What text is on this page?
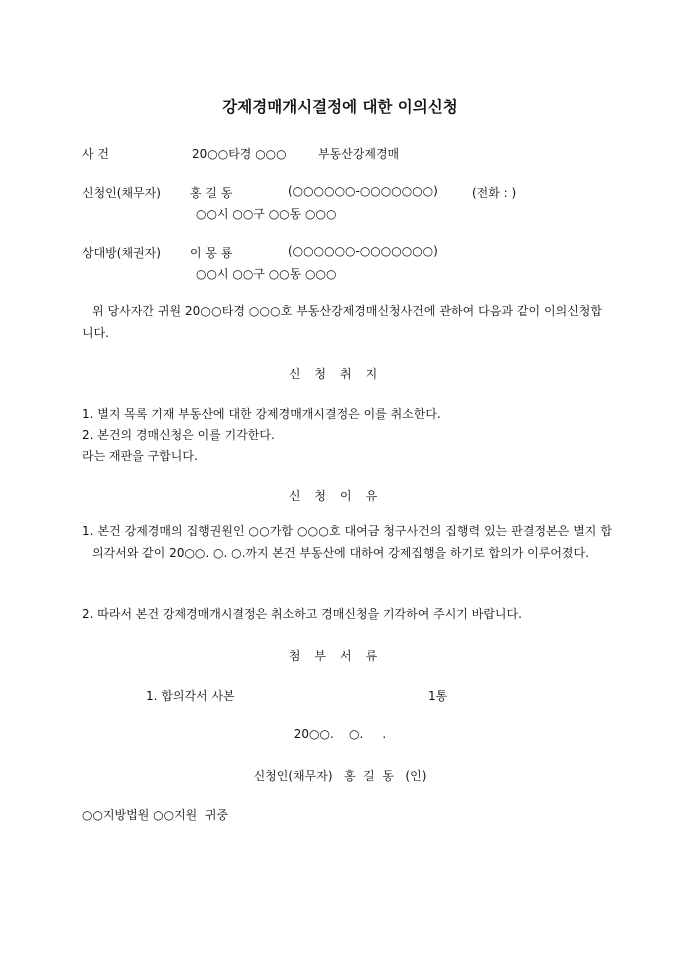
강제경매개시결정에 대한 이의신청
사 건	20○○타경 ○○○	부동산강제경매
신청인(채무자) 홍 길 동	(○○○○○○-○○○○○○○)	(전화 : )
○○시 ○○구 ○○동 ○○○
상대방(채권자) 이 몽 룡	(○○○○○○-○○○○○○○)
○○시 ○○구 ○○동 ○○○
위 당사자간 귀원 20○○타경 ○○○호 부동산강제경매신청사건에 관하여 다음과 같이 이의신청합니다.
신청취지
1. 별지 목록 기재 부동산에 대한 강제경매개시결정은 이를 취소한다.
2. 본건의 경매신청은 이를 기각한다.
라는 재판을 구합니다.
신청이유
1. 본건 강제경매의 집행권원인 ○○가합 ○○○호 대여금 청구사건의 집행력 있는 판결정본은 별지 합의각서와 같이 20○○. ○. ○.까지 본건 부동산에 대하여 강제집행을 하기로 합의가 이루어졌다.
2. 따라서 본건 강제경매개시결정은 취소하고 경매신청을 기각하여 주시기 바랍니다.
첨부서류
1. 합의각서 사본	1통
20○○.    ○.     .
신청인(채무자)   홍  길  동   (인)
○○지방법원 ○○지원  귀중
